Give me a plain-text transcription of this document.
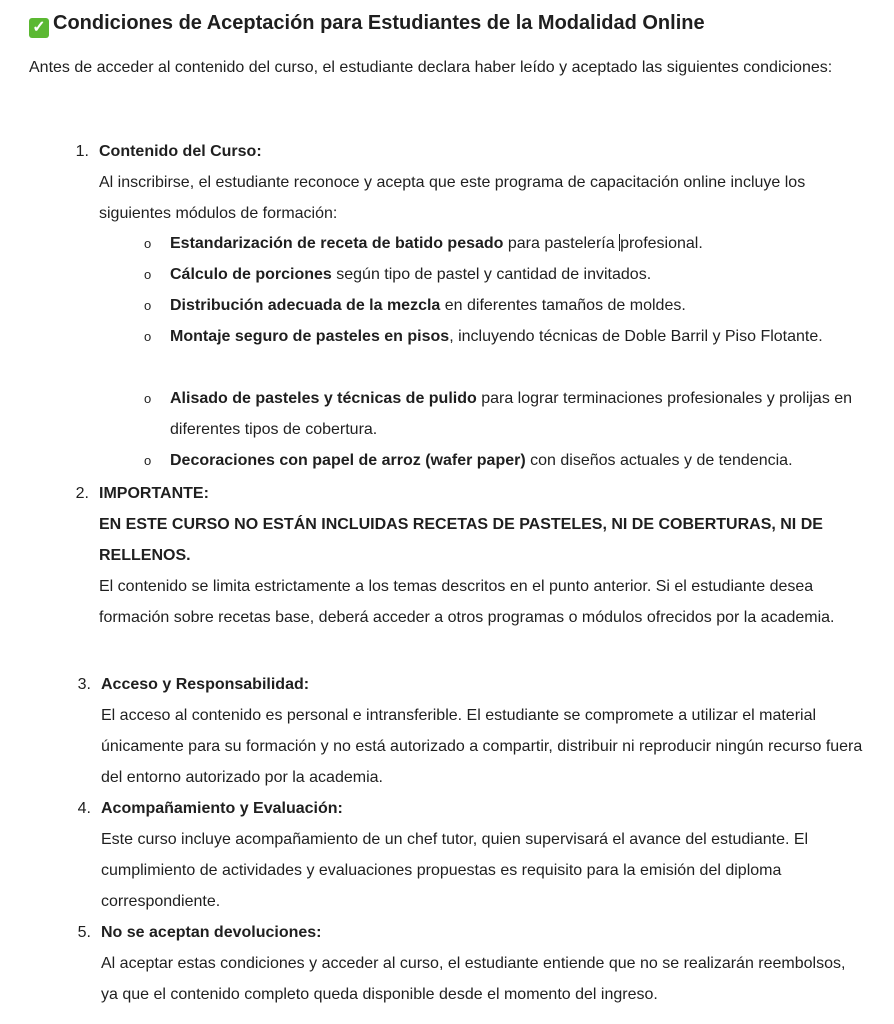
✓ Condiciones de Aceptación para Estudiantes de la Modalidad Online
Antes de acceder al contenido del curso, el estudiante declara haber leído y aceptado las siguientes condiciones:
1. Contenido del Curso:
Al inscribirse, el estudiante reconoce y acepta que este programa de capacitación online incluye los siguientes módulos de formación:
o Estandarización de receta de batido pesado para pastelería profesional.
o Cálculo de porciones según tipo de pastel y cantidad de invitados.
o Distribución adecuada de la mezcla en diferentes tamaños de moldes.
o Montaje seguro de pasteles en pisos, incluyendo técnicas de Doble Barril y Piso Flotante.
o Alisado de pasteles y técnicas de pulido para lograr terminaciones profesionales y prolijas en diferentes tipos de cobertura.
o Decoraciones con papel de arroz (wafer paper) con diseños actuales y de tendencia.
2. IMPORTANTE:
EN ESTE CURSO NO ESTÁN INCLUIDAS RECETAS DE PASTELES, NI DE COBERTURAS, NI DE RELLENOS.
El contenido se limita estrictamente a los temas descritos en el punto anterior. Si el estudiante desea formación sobre recetas base, deberá acceder a otros programas o módulos ofrecidos por la academia.
3. Acceso y Responsabilidad:
El acceso al contenido es personal e intransferible. El estudiante se compromete a utilizar el material únicamente para su formación y no está autorizado a compartir, distribuir ni reproducir ningún recurso fuera del entorno autorizado por la academia.
4. Acompañamiento y Evaluación:
Este curso incluye acompañamiento de un chef tutor, quien supervisará el avance del estudiante. El cumplimiento de actividades y evaluaciones propuestas es requisito para la emisión del diploma correspondiente.
5. No se aceptan devoluciones:
Al aceptar estas condiciones y acceder al curso, el estudiante entiende que no se realizarán reembolsos, ya que el contenido completo queda disponible desde el momento del ingreso.
